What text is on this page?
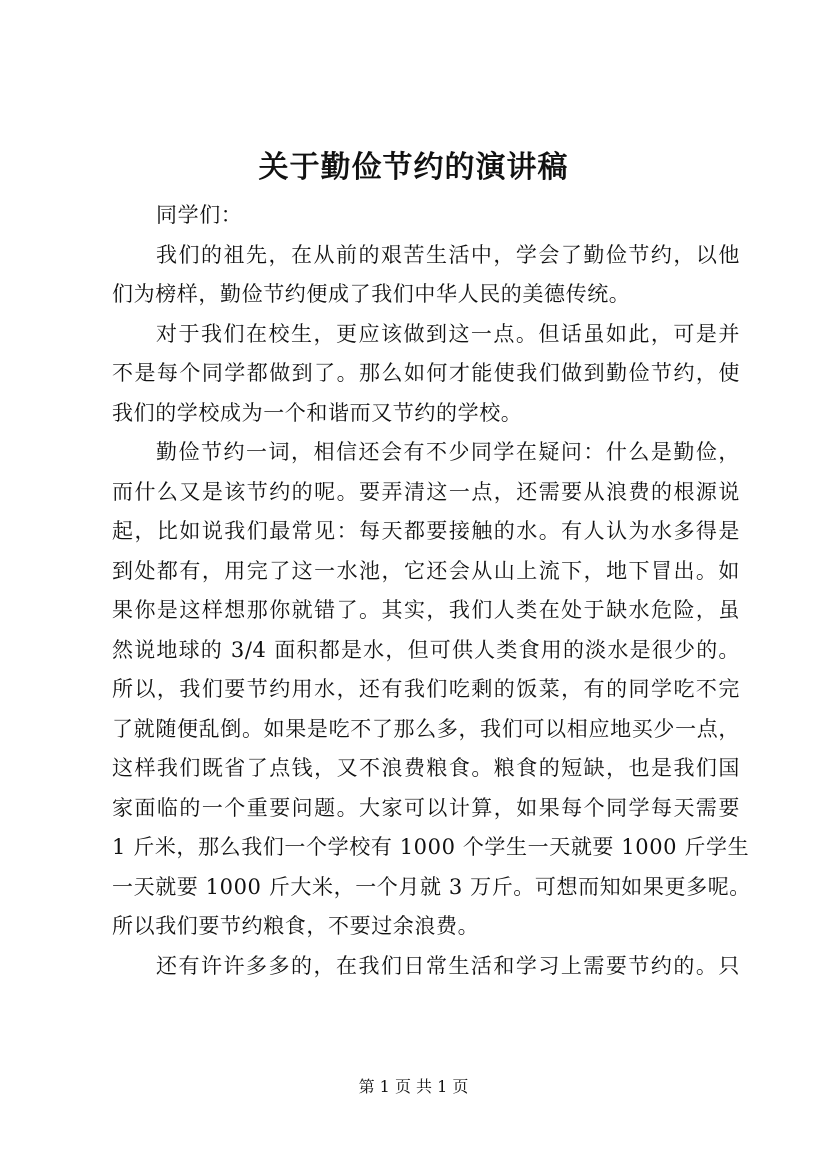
关于勤俭节约的演讲稿

同学们：

我们的祖先，在从前的艰苦生活中，学会了勤俭节约，以他
们为榜样，勤俭节约便成了我们中华人民的美德传统。

对于我们在校生，更应该做到这一点。但话虽如此，可是并
不是每个同学都做到了。那么如何才能使我们做到勤俭节约，使
我们的学校成为一个和谐而又节约的学校。

勤俭节约一词，相信还会有不少同学在疑问：什么是勤俭，
而什么又是该节约的呢。要弄清这一点，还需要从浪费的根源说
起，比如说我们最常见：每天都要接触的水。有人认为水多得是
到处都有，用完了这一水池，它还会从山上流下，地下冒出。如
果你是这样想那你就错了。其实，我们人类在处于缺水危险，虽
然说地球的 3/4 面积都是水，但可供人类食用的淡水是很少的。
所以，我们要节约用水，还有我们吃剩的饭菜，有的同学吃不完
了就随便乱倒。如果是吃不了那么多，我们可以相应地买少一点，
这样我们既省了点钱，又不浪费粮食。粮食的短缺，也是我们国
家面临的一个重要问题。大家可以计算，如果每个同学每天需要
1 斤米，那么我们一个学校有 1000 个学生一天就要 1000 斤学生
一天就要 1000 斤大米，一个月就 3 万斤。可想而知如果更多呢。
所以我们要节约粮食，不要过余浪费。

还有许许多多的，在我们日常生活和学习上需要节约的。只

第 1 页 共 1 页
